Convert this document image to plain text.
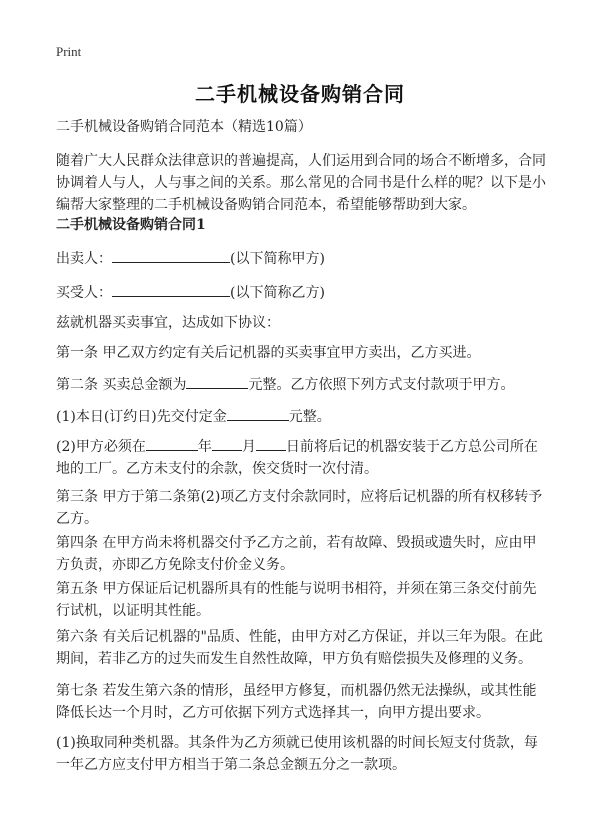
Print
二手机械设备购销合同
二手机械设备购销合同范本（精选10篇）
随着广大人民群众法律意识的普遍提高，人们运用到合同的场合不断增多，合同协调着人与人，人与事之间的关系。那么常见的合同书是什么样的呢？以下是小编帮大家整理的二手机械设备购销合同范本，希望能够帮助到大家。
二手机械设备购销合同1
出卖人：	(以下简称甲方)
买受人：	(以下简称乙方)
兹就机器买卖事宜，达成如下协议：
第一条 甲乙双方约定有关后记机器的买卖事宜甲方卖出，乙方买进。
第二条 买卖总金额为	元整。乙方依照下列方式支付款项于甲方。
(1)本日(订约日)先交付定金	元整。
(2)甲方必须在	年 月 日前将后记的机器安装于乙方总公司所在地的工厂。乙方未支付的余款，俟交货时一次付清。
第三条 甲方于第二条第(2)项乙方支付余款同时，应将后记机器的所有权移转予乙方。
第四条 在甲方尚未将机器交付予乙方之前，若有故障、毁损或遗失时，应由甲方负责，亦即乙方免除支付价金义务。
第五条 甲方保证后记机器所具有的性能与说明书相符，并须在第三条交付前先行试机，以证明其性能。
第六条 有关后记机器的"品质、性能，由甲方对乙方保证，并以三年为限。在此期间，若非乙方的过失而发生自然性故障，甲方负有赔偿损失及修理的义务。
第七条 若发生第六条的情形，虽经甲方修复，而机器仍然无法操纵，或其性能降低长达一个月时，乙方可依据下列方式选择其一，向甲方提出要求。
(1)换取同种类机器。其条件为乙方须就已使用该机器的时间长短支付货款，每一年乙方应支付甲方相当于第二条总金额五分之一款项。
